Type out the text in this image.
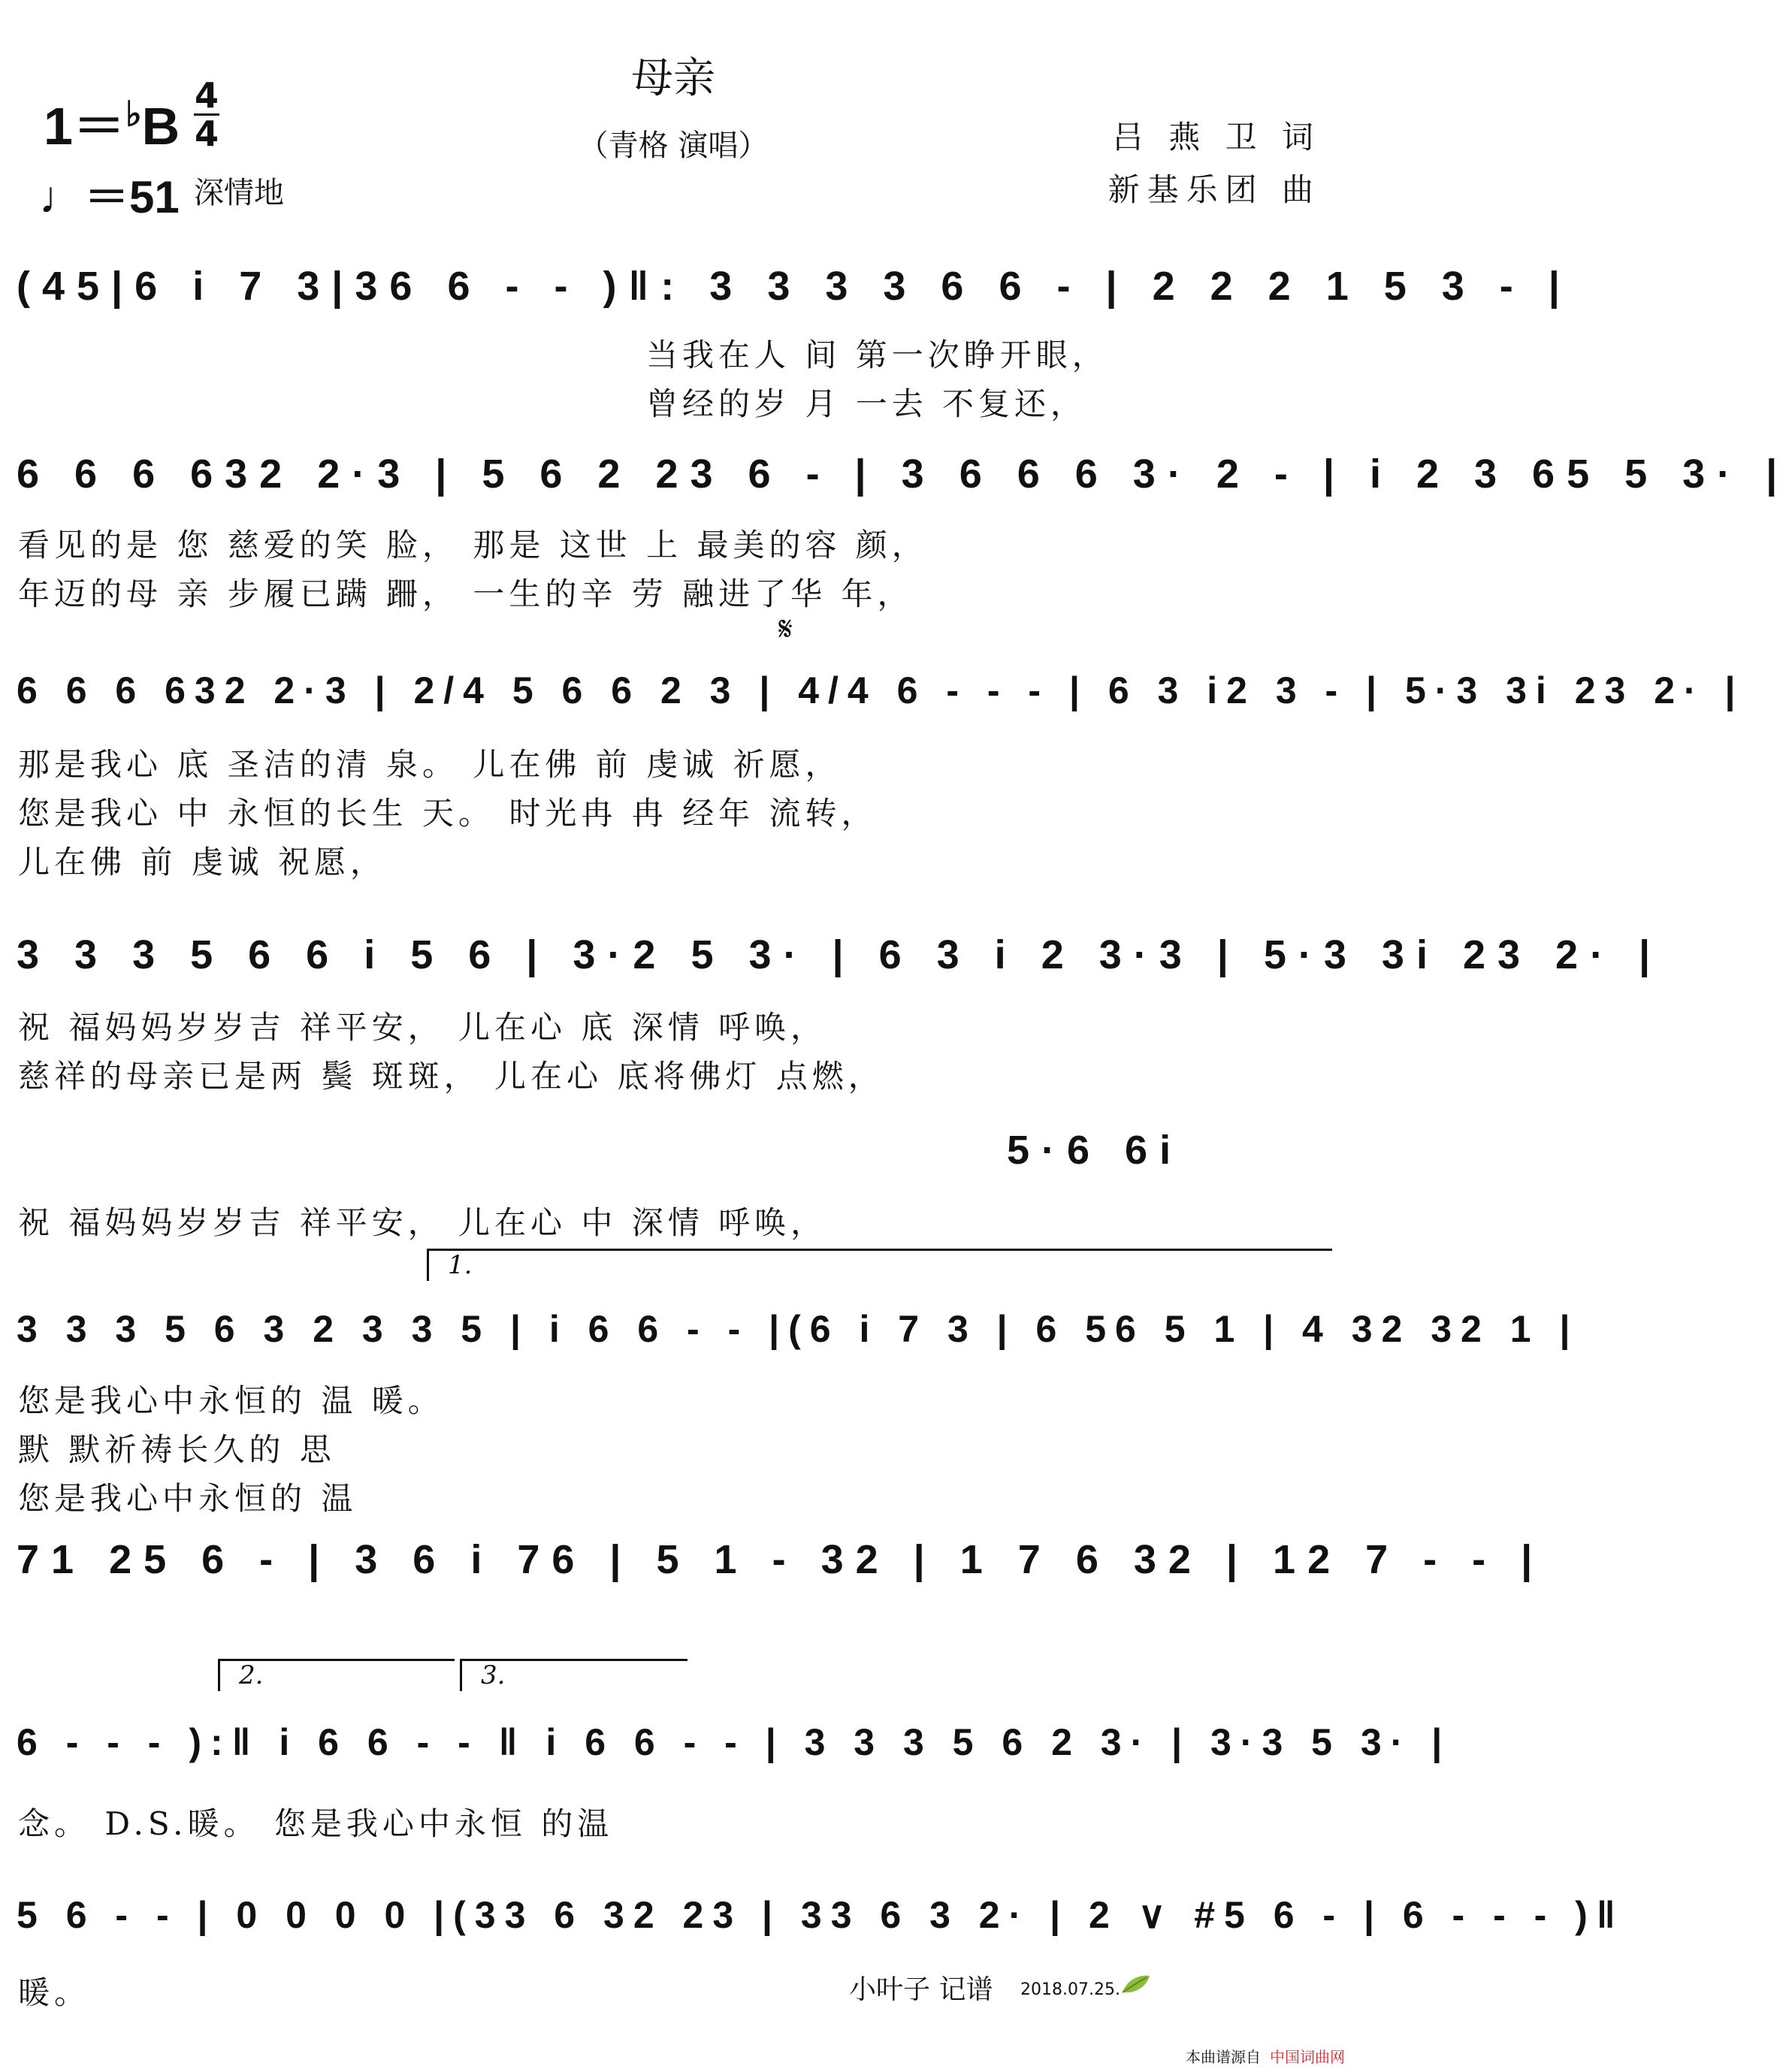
母亲
（青格 演唱）
1＝♭B
4
4
♩＝51 深情地
吕 燕 卫 词
新基乐团 曲
(45|6 i 7 3|36 6 - - )‖: 3 3 3 3 6 6 - | 2 2 2 1 5 3 - |
当我在人 间 第一次睁开眼，
曾经的岁 月 一去 不复还，
6 6 6 632 2·3 | 5 6 2 23 6 - | 3 6 6 6 3· 2 - | i 2 3 65 5 3· |
看见的是 您 慈爱的笑 脸， 那是 这世 上 最美的容 颜，
年迈的母 亲 步履已蹒 跚， 一生的辛 劳 融进了华 年，
𝄋
6 6 6 632 2·3 | 2/4 5 6 6 2 3 | 4/4 6 - - - | 6 3 i2 3 - | 5·3 3i 23 2· |
那是我心 底 圣洁的清 泉。 儿在佛 前 虔诚 祈愿，
您是我心 中 永恒的长生 天。 时光冉 冉 经年 流转，
儿在佛 前 虔诚 祝愿，
3 3 3 5 6 6 i 5 6 | 3·2 5 3· | 6 3 i 2 3·3 | 5·3 3i 23 2· |
祝 福妈妈岁岁吉 祥平安， 儿在心 底 深情 呼唤，
慈祥的母亲已是两 鬓 斑斑， 儿在心 底将佛灯 点燃，
5·6 6i
祝 福妈妈岁岁吉 祥平安， 儿在心 中 深情 呼唤，
1.
3 3 3 5 6 3 2 3 3 5 | i 6 6 - - |(6 i 7 3 | 6 56 5 1 | 4 32 32 1 |
您是我心中永恒的 温 暖。
默 默祈祷长久的 思
您是我心中永恒的 温
71 25 6 - | 3 6 i 76 | 5 1 - 32 | 1 7 6 32 | 12 7 - - |
2.	3.
6 - - - ):‖ i 6 6 - - ‖ i 6 6 - - | 3 3 3 5 6 2 3· | 3·3 5 3· |
念。 D.S.暖。 您是我心中永恒 的温
5 6 - - | 0 0 0 0 |(33 6 32 23 | 33 6 3 2· | 2 ∨ #5 6 - | 6 - - - )‖
暖。	小叶子 记谱 2018.07.25.
本曲谱源自 中国词曲网
